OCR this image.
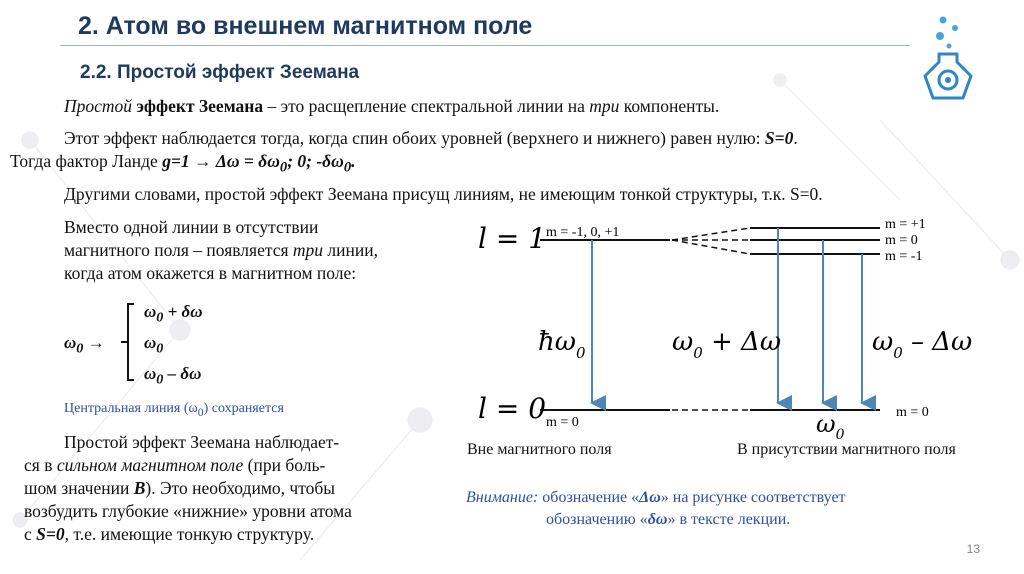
2. Атом во внешнем магнитном поле
2.2. Простой эффект Зеемана
Простой эффект Зеемана – это расщепление спектральной линии на три компоненты.
Этот эффект наблюдается тогда, когда спин обоих уровней (верхнего и нижнего) равен нулю: S=0.
Тогда фактор Ланде $g=1 \to \Delta\omega = \delta\omega_0$; 0; $-\delta\omega_0$.
Другими словами, простой эффект Зеемана присущ линиям, не имеющим тонкой структуры, т.к. S=0.
Вместо одной линии в отсутствии
магнитного поля – появляется три линии,
когда атом окажется в магнитном поле:
$\omega_0$ →
$\omega_0 + \delta\omega$
$\omega_0$
$\omega_0$ – δω
Центральная линия $(\omega_0)$ сохраняется
Простой эффект Зеемана наблюдает-
ся в сильном магнитном поле (при боль-
шом значении B). Это необходимо, чтобы
возбудить глубокие «нижние» уровни атома
с S=0, т.е. имеющие тонкую структуру.
l = 1 m = -1, 0, +1
m = +1
m = 0
m = -1
l = 0 m = 0
m = 0
$ħ\omega_0$	$\omega_0 + \Delta\omega$	$\omega_0$ – Δω
$\omega_0$
Вне магнитного поля	В присутствии магнитного поля
Внимание: обозначение «Δω» на рисунке соответствует
обозначению «δω» в тексте лекции.
13
